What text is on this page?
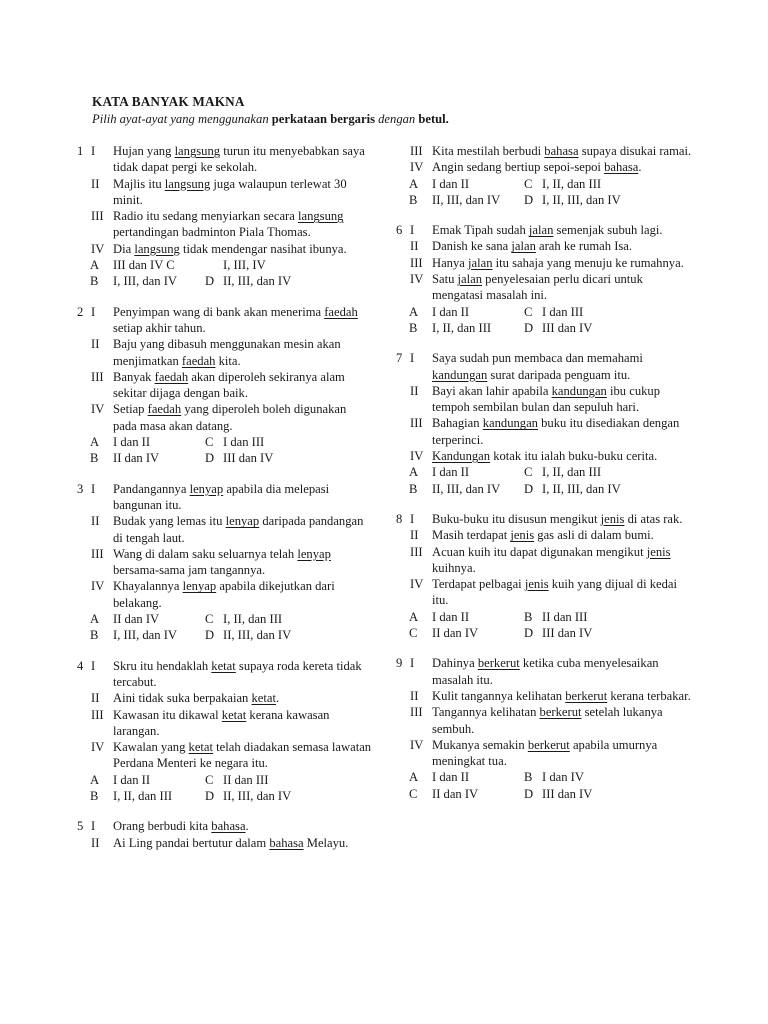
KATA BANYAK MAKNA
Pilih ayat-ayat yang menggunakan perkataan bergaris dengan betul.
1 I Hujan yang langsung turun itu menyebabkan saya tidak dapat pergi ke sekolah.
II Majlis itu langsung juga walaupun terlewat 30 minit.
III Radio itu sedang menyiarkan secara langsung pertandingan badminton Piala Thomas.
IV Dia langsung tidak mendengar nasihat ibunya.
A	III dan IV C	I, III, IV
B	I, III, dan IV	D II, III, dan IV
2 I Penyimpan wang di bank akan menerima faedah setiap akhir tahun.
II Baju yang dibasuh menggunakan mesin akan menjimatkan faedah kita.
III Banyak faedah akan diperoleh sekiranya alam sekitar dijaga dengan baik.
IV Setiap faedah yang diperoleh boleh digunakan pada masa akan datang.
A	I dan II	C I dan III
B	II dan IV	D III dan IV
3 I Pandangannya lenyap apabila dia melepasi bangunan itu.
II Budak yang lemas itu lenyap daripada pandangan di tengah laut.
III Wang di dalam saku seluarnya telah lenyap bersama-sama jam tangannya.
IV Khayalannya lenyap apabila dikejutkan dari belakang.
A	II dan IV	C I, II, dan III
B	I, III, dan IV	D II, III, dan IV
4 I Skru itu hendaklah ketat supaya roda kereta tidak tercabut.
II Aini tidak suka berpakaian ketat.
III Kawasan itu dikawal ketat kerana kawasan larangan.
IV Kawalan yang ketat telah diadakan semasa lawatan Perdana Menteri ke negara itu.
A	I dan II	C II dan III
B	I, II, dan III	D II, III, dan IV
5 I Orang berbudi kita bahasa.
II Ai Ling pandai bertutur dalam bahasa Melayu.
III Kita mestilah berbudi bahasa supaya disukai ramai.
IV Angin sedang bertiup sepoi-sepoi bahasa.
A	I dan II	C I, II, dan III
B	II, III, dan IV	D I, II, III, dan IV
6 I Emak Tipah sudah jalan semenjak subuh lagi.
II Danish ke sana jalan arah ke rumah Isa.
III Hanya jalan itu sahaja yang menuju ke rumahnya.
IV Satu jalan penyelesaian perlu dicari untuk mengatasi masalah ini.
A	I dan II	C I dan III
B	I, II, dan III	D III dan IV
7 I Saya sudah pun membaca dan memahami kandungan surat daripada penguam itu.
II Bayi akan lahir apabila kandungan ibu cukup tempoh sembilan bulan dan sepuluh hari.
III Bahagian kandungan buku itu disediakan dengan terperinci.
IV Kandungan kotak itu ialah buku-buku cerita.
A	I dan II	C I, II, dan III
B	II, III, dan IV	D I, II, III, dan IV
8 I Buku-buku itu disusun mengikut jenis di atas rak.
II Masih terdapat jenis gas asli di dalam bumi.
III Acuan kuih itu dapat digunakan mengikut jenis kuihnya.
IV Terdapat pelbagai jenis kuih yang dijual di kedai itu.
A	I dan II	B II dan III
C	II dan IV	D III dan IV
9 I Dahinya berkerut ketika cuba menyelesaikan masalah itu.
II Kulit tangannya kelihatan berkerut kerana terbakar.
III Tangannya kelihatan berkerut setelah lukanya sembuh.
IV Mukanya semakin berkerut apabila umurnya meningkat tua.
A	I dan II	B I dan IV
C	II dan IV	D III dan IV
